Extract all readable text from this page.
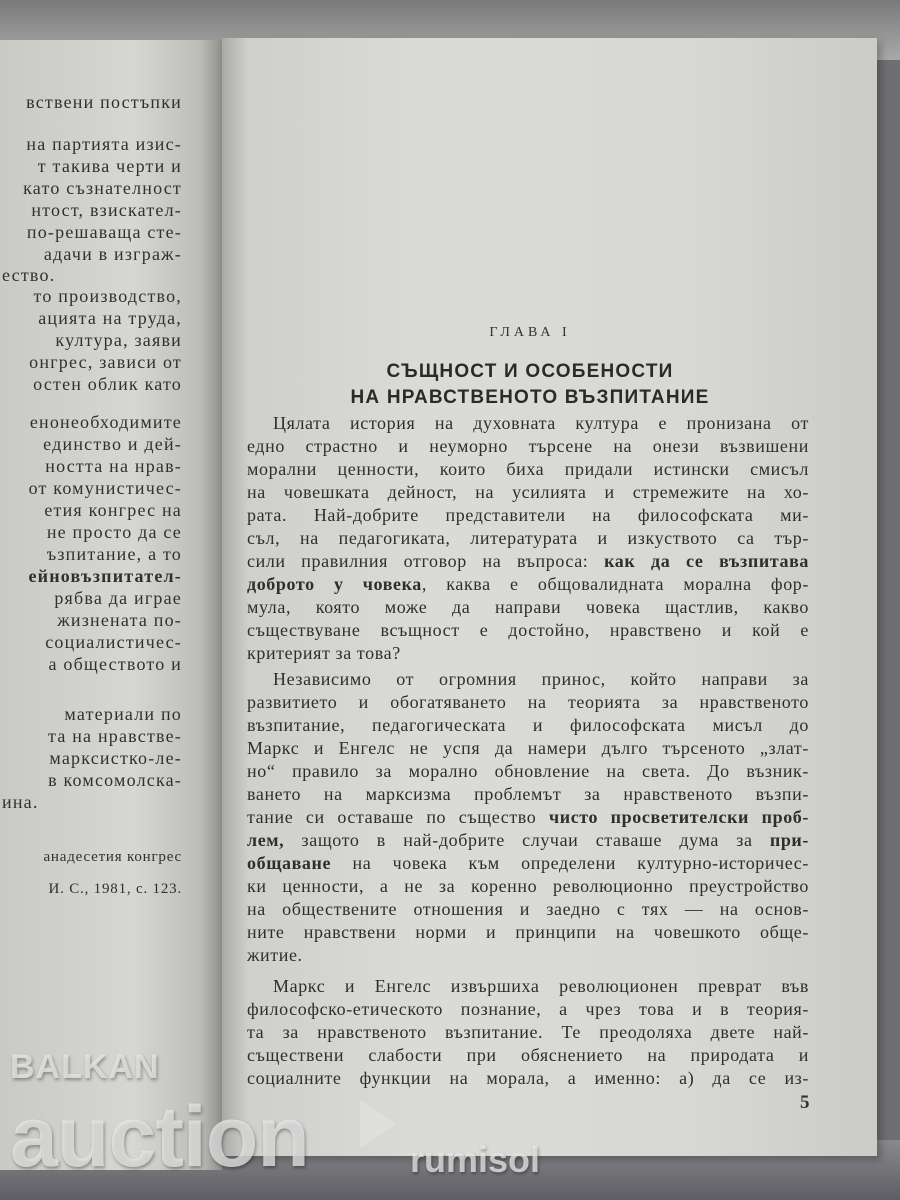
вствени постъпки
на партията изис-
т такива черти и
като съзнателност
нтост, взискател-
по-решаваща сте-
адачи в изграж-
ество.
то производство,
ацията на труда,
култура, заяви
онгрес, зависи от
остен облик като
енонеобходимите
единство и дей-
ността на нрав-
от комунистичес-
етия конгрес на
не просто да се
ъзпитание, а то
ейновъзпитател-
рябва да играе
жизнената по-
социалистичес-
а обществото и
материали по
та на нравстве-
марксистко-ле-
в комсомолска-
ина.
анадесетия конгрес
И. С., 1981, с. 123.
ГЛАВА I
СЪЩНОСТ И ОСОБЕНОСТИ
НА НРАВСТВЕНОТО ВЪЗПИТАНИЕ
Цялата история на духовната култура е пронизана от
едно страстно и неуморно търсене на онези възвишени
морални ценности, които биха придали истински смисъл
на човешката дейност, на усилията и стремежите на хо-
рата. Най-добрите представители на философската ми-
съл, на педагогиката, литературата и изкуството са тър-
сили правилния отговор на въпроса: как да се възпитава
доброто у човека, каква е общовалидната морална фор-
мула, която може да направи човека щастлив, какво
съществуване всъщност е достойно, нравствено и кой е
критерият за това?
Независимо от огромния принос, който направи за
развитието и обогатяването на теорията за нравственото
възпитание, педагогическата и философската мисъл до
Маркс и Енгелс не успя да намери дълго търсеното „злат-
но“ правило за морално обновление на света. До възник-
ването на марксизма проблемът за нравственото възпи-
тание си оставаше по същество чисто просветителски проб-
лем, защото в най-добрите случаи ставаше дума за при-
общаване на човека към определени културно-историчес-
ки ценности, а не за коренно революционно преустройство
на обществените отношения и заедно с тях — на основ-
ните нравствени норми и принципи на човешкото обще-
житие.
Маркс и Енгелс извършиха революционен преврат във
философско-етическото познание, а чрез това и в теория-
та за нравственото възпитание. Те преодоляха двете най-
съществени слабости при обяснението на природата и
социалните функции на морала, а именно: а) да се из-
5
BALKAN
auction	rumisol
